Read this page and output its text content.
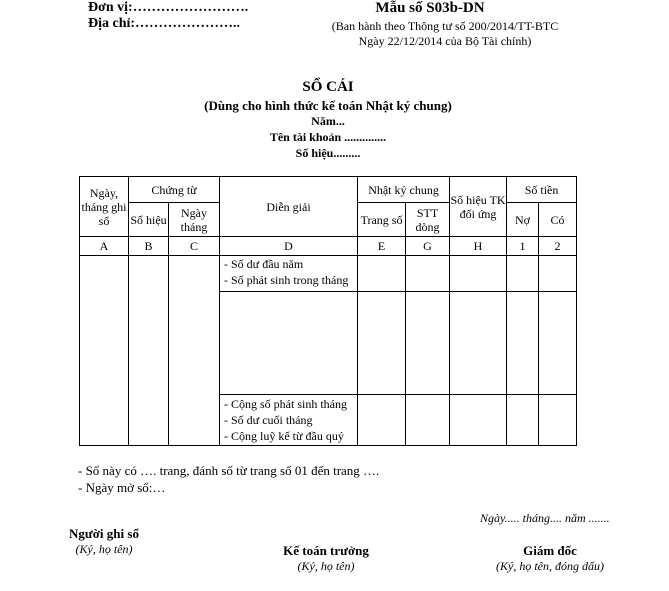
Đơn vị:…………………….
Địa chỉ:…………………..
Mẫu số S03b-DN
(Ban hành theo Thông tư số 200/2014/TT-BTC
Ngày 22/12/2014 của Bộ Tài chính)
SỔ CÁI
(Dùng cho hình thức kế toán Nhật ký chung)
Năm...
Tên tài khoản ..............
Số hiệu.........
Ngày, tháng ghi sổ	Chứng từ		Diễn giải	Nhật ký chung		Số hiệu TK đối ứng	Số tiền	
	Số hiệu	Ngày tháng		Trang số	STT dòng		Nợ	Có
A	B	C	D	E	G	H	1	2

			- Số dư đầu năm
- Số phát sinh trong tháng					

			- Cộng số phát sinh tháng
- Số dư cuối tháng
- Cộng luỹ kế từ đầu quý					

- Sổ này có …. trang, đánh số từ trang số 01 đến trang ….
- Ngày mở sổ:…
Ngày..... tháng.... năm .......
Người ghi sổ
(Ký, họ tên)	Kế toán trưởng
(Ký, họ tên)
Giám đốc
(Ký, họ tên, đóng dấu)
